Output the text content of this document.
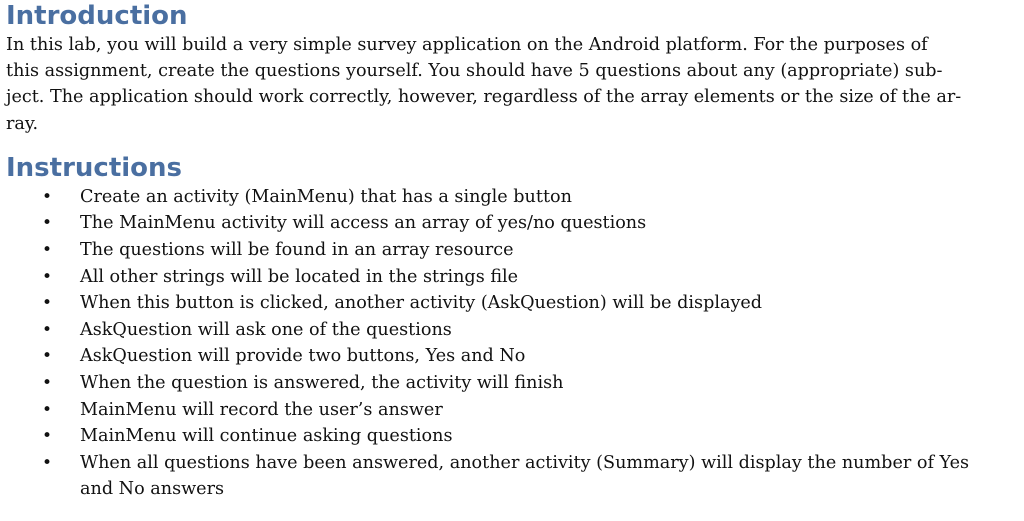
Introduction

In this lab, you will build a very simple survey application on the Android platform. For the purposes of
this assignment, create the questions yourself. You should have 5 questions about any (appropriate) sub-
ject. The application should work correctly, however, regardless of the array elements or the size of the ar-
ray.

Instructions
• Create an activity (MainMenu) that has a single button
• The MainMenu activity will access an array of yes/no questions
• The questions will be found in an array resource
• All other strings will be located in the strings file
• When this button is clicked, another activity (AskQuestion) will be displayed
• AskQuestion will ask one of the questions
• AskQuestion will provide two buttons, Yes and No
• When the question is answered, the activity will finish
• MainMenu will record the user’s answer
• MainMenu will continue asking questions
• When all questions have been answered, another activity (Summary) will display the number of Yes and No answers
